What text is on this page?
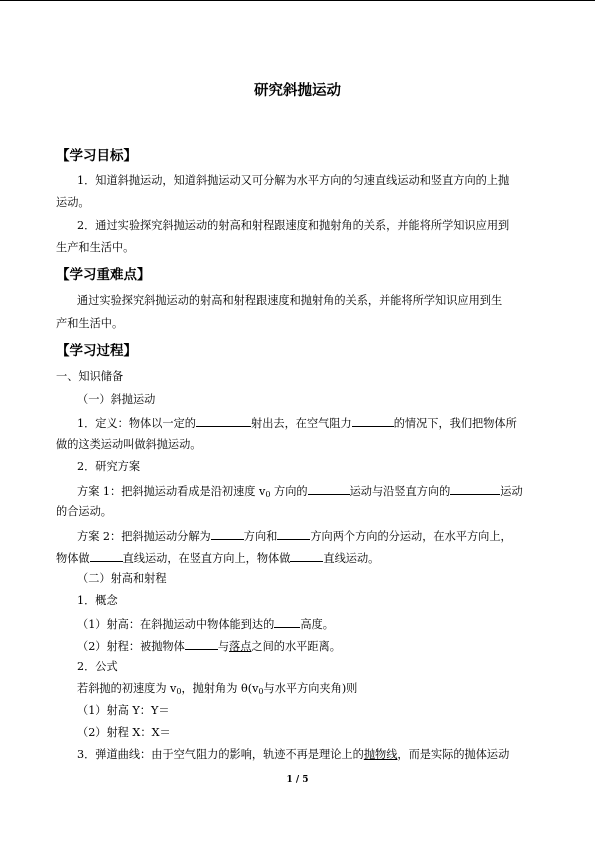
研究斜抛运动
【学习目标】
1．知道斜抛运动，知道斜抛运动又可分解为水平方向的匀速直线运动和竖直方向的上抛
运动。
2．通过实验探究斜抛运动的射高和射程跟速度和抛射角的关系，并能将所学知识应用到
生产和生活中。
【学习重难点】
通过实验探究斜抛运动的射高和射程跟速度和抛射角的关系，并能将所学知识应用到生
产和生活中。
【学习过程】
一、知识储备
（一）斜抛运动
1．定义：物体以一定的	射出去，在空气阻力	的情况下，我们把物体所
做的这类运动叫做斜抛运动。
2．研究方案
方案 1：把斜抛运动看成是沿初速度 $v_0$ 方向的	运动与沿竖直方向的	运动
的合运动。
方案 2：把斜抛运动分解为	方向和	方向两个方向的分运动，在水平方向上，
物体做	直线运动，在竖直方向上，物体做	直线运动。
（二）射高和射程
1．概念
（1）射高：在斜抛运动中物体能到达的 高度。
（2）射程：被抛物体	与落点之间的水平距离。
2．公式
若斜抛的初速度为 $v_0$，抛射角为 $\theta(v_0$与水平方向夹角)则
（1）射高 Y：Y＝
（2）射程 X：X＝
3．弹道曲线：由于空气阻力的影响，轨迹不再是理论上的抛物线，而是实际的抛体运动
1 / 5
